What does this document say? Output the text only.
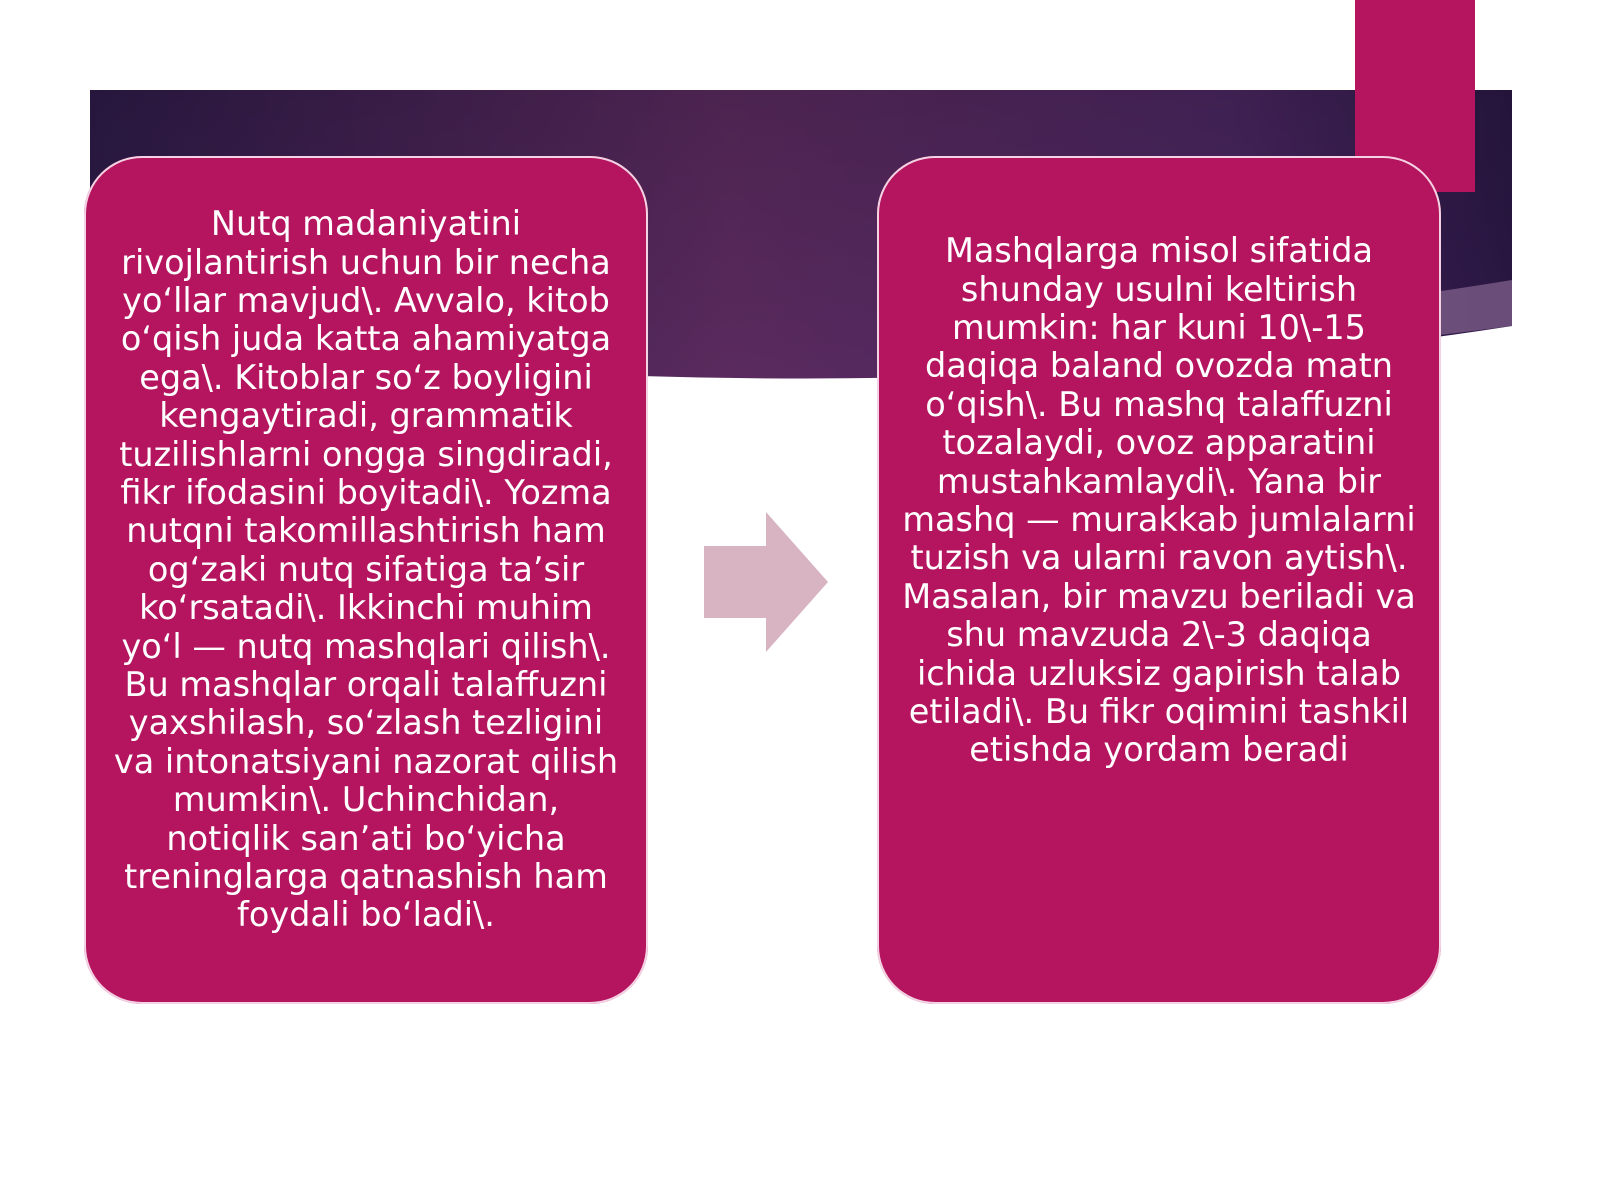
Nutq madaniyatini rivojlantirish uchun bir necha yo‘llar mavjud\. Avvalo, kitob o‘qish juda katta ahamiyatga ega\. Kitoblar so‘z boyligini kengaytiradi, grammatik tuzilishlarni ongga singdiradi, fikr ifodasini boyitadi\. Yozma nutqni takomillashtirish ham og‘zaki nutq sifatiga ta’sir ko‘rsatadi\. Ikkinchi muhim yo‘l — nutq mashqlari qilish\. Bu mashqlar orqali talaffuzni yaxshilash, so‘zlash tezligini va intonatsiyani nazorat qilish mumkin\. Uchinchidan, notiqlik san’ati bo‘yicha treninglarga qatnashish ham foydali bo‘ladi\.

Mashqlarga misol sifatida shunday usulni keltirish mumkin: har kuni 10\-15 daqiqa baland ovozda matn o‘qish\. Bu mashq talaffuzni tozalaydi, ovoz apparatini mustahkamlaydi\. Yana bir mashq — murakkab jumlalarni tuzish va ularni ravon aytish\. Masalan, bir mavzu beriladi va shu mavzuda 2\-3 daqiqa ichida uzluksiz gapirish talab etiladi\. Bu fikr oqimini tashkil etishda yordam beradi
